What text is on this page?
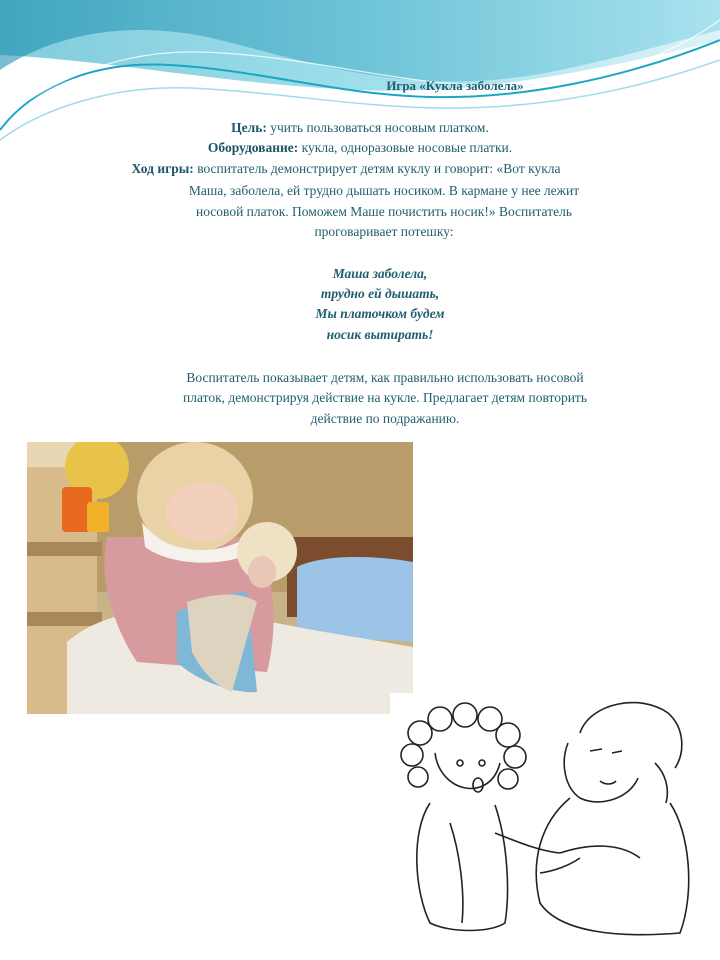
Игра «Кукла заболела»
Цель: учить пользоваться носовым платком.
Оборудование: кукла, одноразовые носовые платки.
Ход игры: воспитатель демонстрирует детям куклу и говорит: «Вот кукла
Маша, заболела, ей трудно дышать носиком. В кармане у нее лежит
носовой платок. Поможем Маше почистить носик!» Воспитатель
проговаривает потешку:
Маша заболела,
трудно ей дышать,
Мы платочком будем
носик вытирать!
Воспитатель показывает детям, как правильно использовать носовой
платок, демонстрируя действие на кукле. Предлагает детям повторить
действие по подражанию.
